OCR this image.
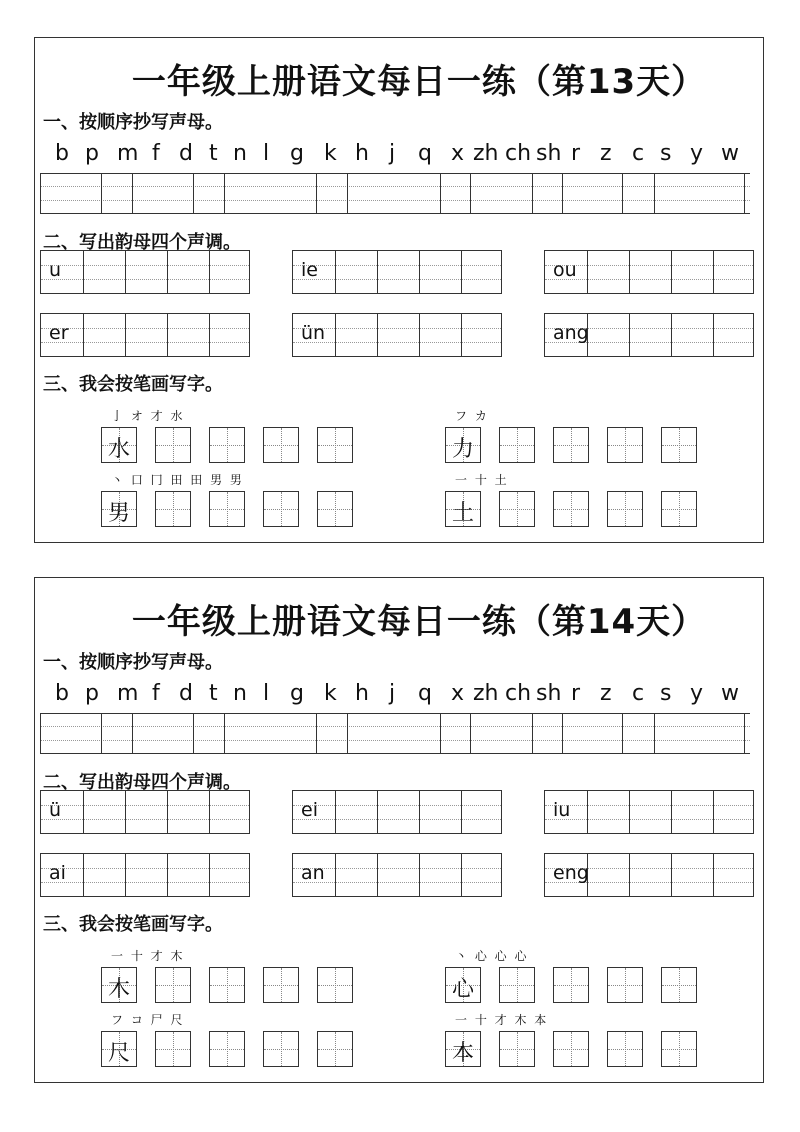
一年级上册语文每日一练（第13天）
一、按顺序抄写声母。
b p m f d t n l g k h j q x zh ch sh r z c s y w
二、写出韵母四个声调。
u	ie	ou
er	ün	ang
三、我会按笔画写字。
亅 オ 才 水
水
フ カ
力
丶 口 冂 田 田 男 男
男
一 十 土
土
一年级上册语文每日一练（第14天）
一、按顺序抄写声母。
b p m f d t n l g k h j q x zh ch sh r z c s y w
二、写出韵母四个声调。
ü	ei	iu
ai	an	eng
三、我会按笔画写字。
一 十 才 木
木
丶 心 心 心
心
フ コ 尸 尺
尺
一 十 才 木 本
本
